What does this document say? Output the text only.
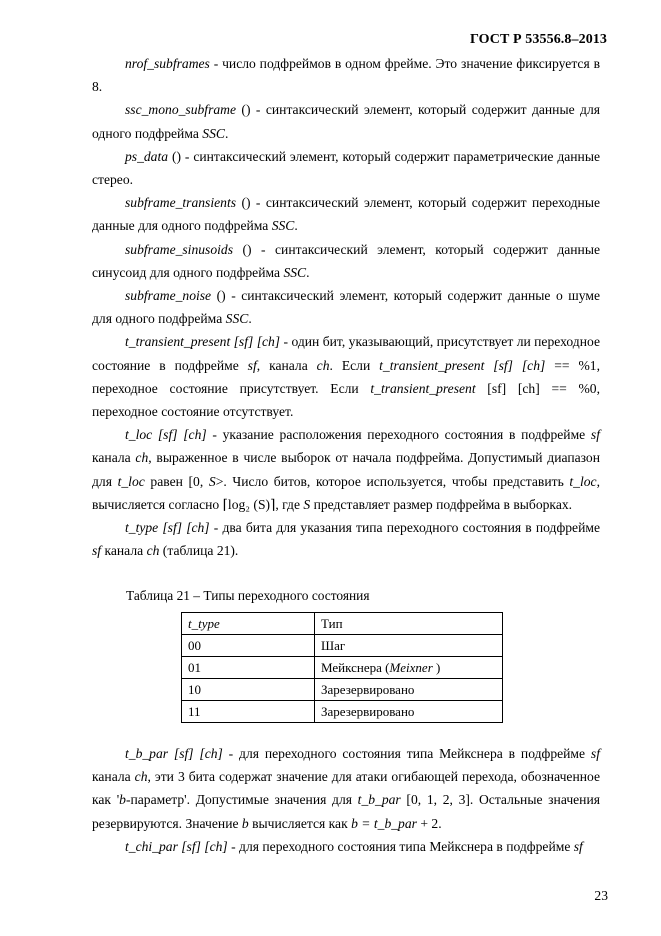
ГОСТ Р 53556.8–2013

nrof_subframes - число подфреймов в одном фрейме. Это значение фиксируется в 8.

ssc_mono_subframe () - синтаксический элемент, который содержит данные для одного подфрейма SSC.

ps_data () - синтаксический элемент, который содержит параметрические данные стерео.

subframe_transients () - синтаксический элемент, который содержит переходные данные для одного подфрейма SSC.

subframe_sinusoids () - синтаксический элемент, который содержит данные синусоид для одного подфрейма SSC.

subframe_noise () - синтаксический элемент, который содержит данные о шуме для одного подфрейма SSC.

t_transient_present [sf] [ch] - один бит, указывающий, присутствует ли переходное состояние в подфрейме sf, канала ch. Если t_transient_present [sf] [ch] == %1, переходное состояние присутствует. Если t_transient_present [sf] [ch] == %0, переходное состояние отсутствует.

t_loc [sf] [ch] - указание расположения переходного состояния в подфрейме sf канала ch, выраженное в числе выборок от начала подфрейма. Допустимый диапазон для t_loc равен [0, S>. Число битов, которое используется, чтобы представить t_loc, вычисляется согласно ⌈log₂ (S)⌉, где S представляет размер подфрейма в выборках.

t_type [sf] [ch] - два бита для указания типа переходного состояния в подфрейме sf канала ch (таблица 21).

Таблица 21 – Типы переходного состояния
t_type	Тип
00	Шаг
01	Мейкснера (Meixner )
10	Зарезервировано
11	Зарезервировано

t_b_par [sf] [ch] - для переходного состояния типа Мейкснера в подфрейме sf канала ch, эти 3 бита содержат значение для атаки огибающей перехода, обозначенное как 'b-параметр'. Допустимые значения для t_b_par [0, 1, 2, 3]. Остальные значения резервируются. Значение b вычисляется как b = t_b_par + 2.

t_chi_par [sf] [ch] - для переходного состояния типа Мейкснера в подфрейме sf

23
